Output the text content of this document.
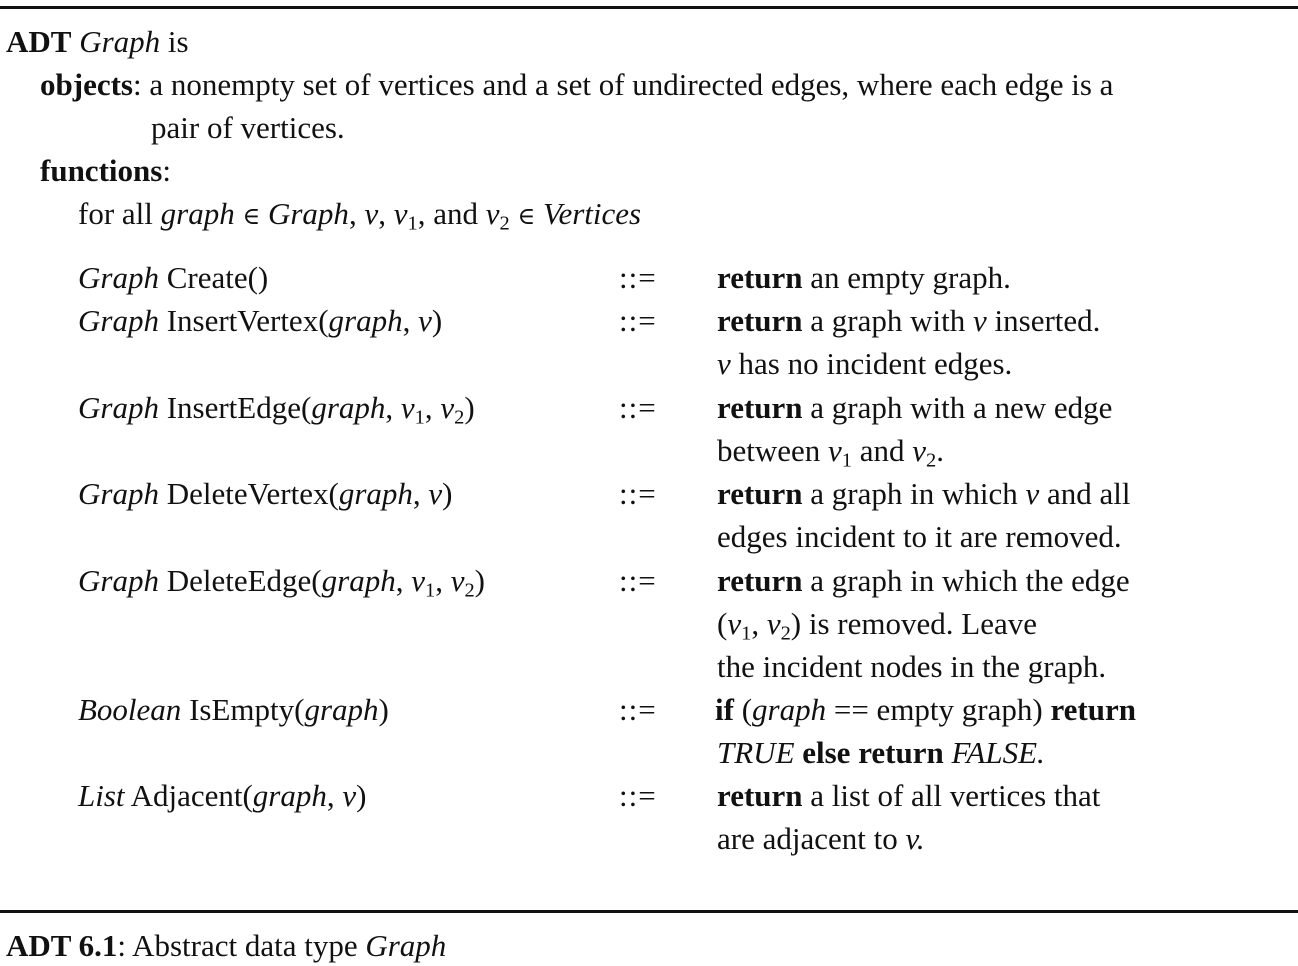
ADT Graph is
objects: a nonempty set of vertices and a set of undirected edges, where each edge is a
pair of vertices.
functions:
for all graph ∈ Graph, v, $v_1$, and $v_2$ ∈ Vertices
Graph Create()	::= return an empty graph.
Graph InsertVertex(graph, v)	::= return a graph with v inserted.
v has no incident edges.
Graph InsertEdge(graph, $v_1$, $v_2$)	::= return a graph with a new edge
between $v_1$ and $v_2$.
Graph DeleteVertex(graph, v)	::= return a graph in which v and all
edges incident to it are removed.
Graph DeleteEdge(graph, $v_1$, $v_2$)	::= return a graph in which the edge
($v_1$, $v_2$) is removed. Leave
the incident nodes in the graph.
Boolean IsEmpty(graph)	::= if (graph == empty graph) return
TRUE else return FALSE.
List Adjacent(graph, v)	::= return a list of all vertices that
are adjacent to v.
ADT 6.1: Abstract data type Graph
